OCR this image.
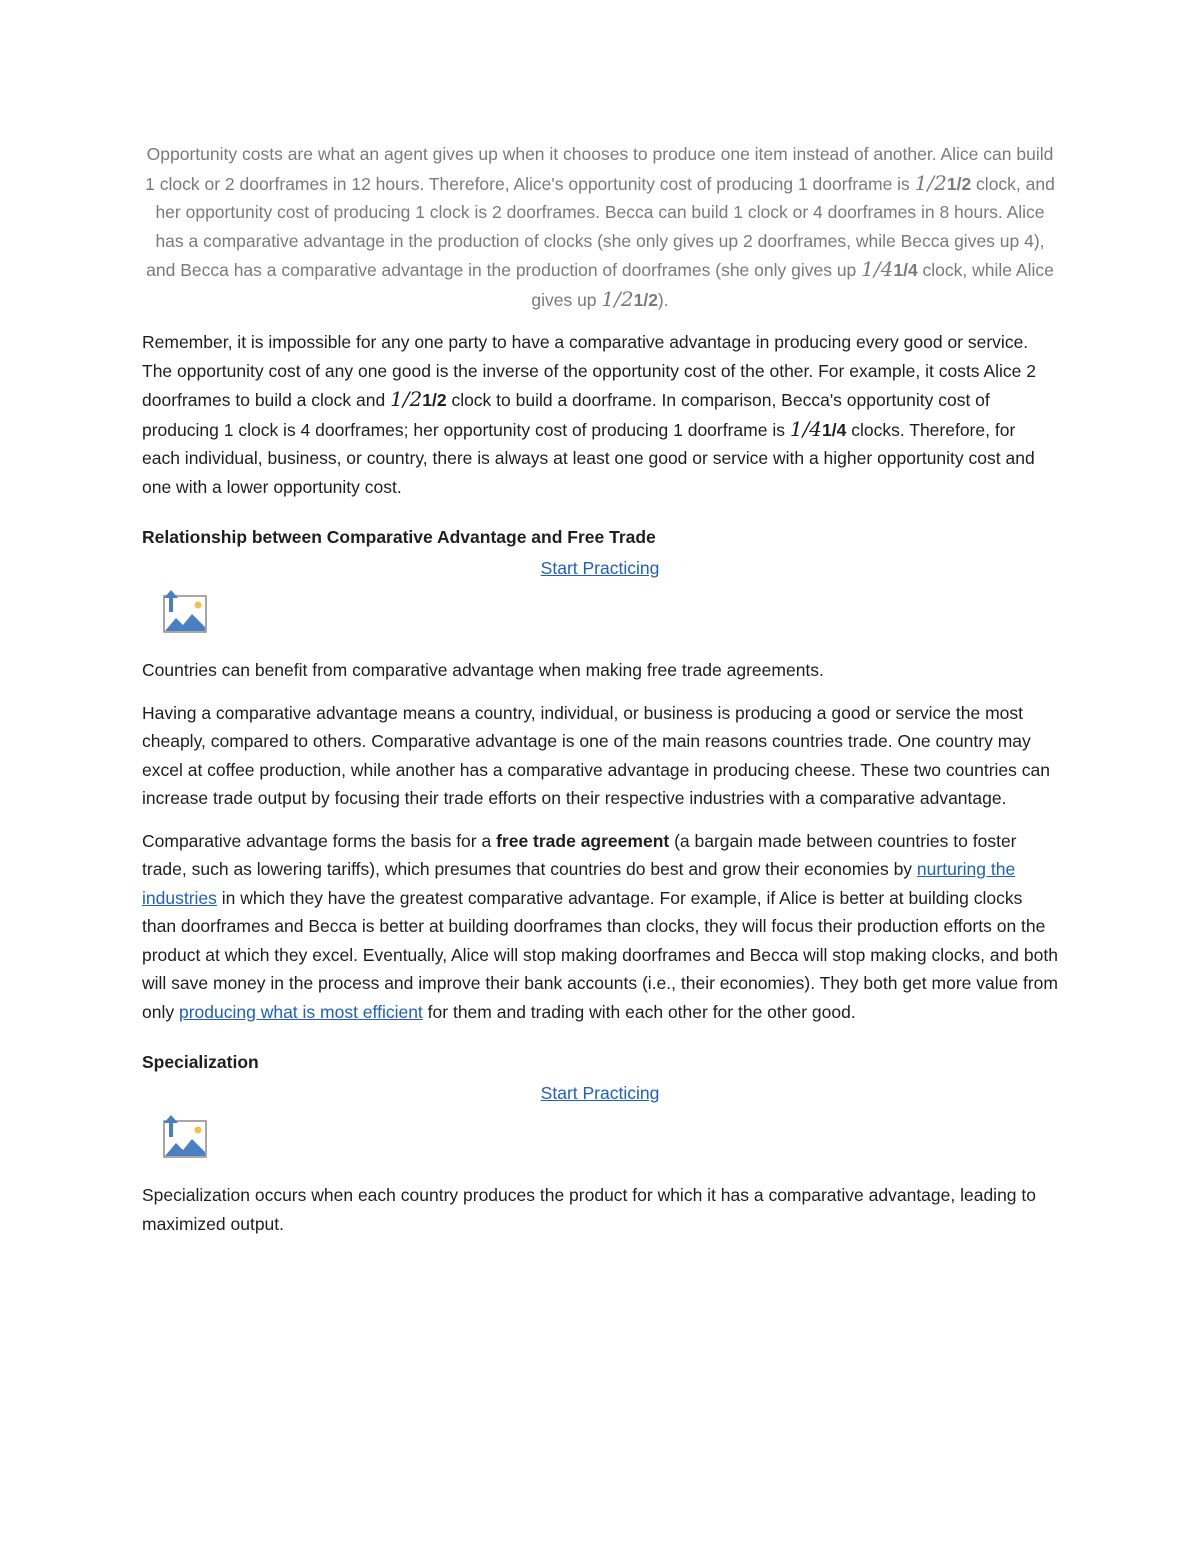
Opportunity costs are what an agent gives up when it chooses to produce one item instead of another. Alice can build 1 clock or 2 doorframes in 12 hours. Therefore, Alice's opportunity cost of producing 1 doorframe is 1/21/2 clock, and her opportunity cost of producing 1 clock is 2 doorframes. Becca can build 1 clock or 4 doorframes in 8 hours. Alice has a comparative advantage in the production of clocks (she only gives up 2 doorframes, while Becca gives up 4), and Becca has a comparative advantage in the production of doorframes (she only gives up 1/41/4 clock, while Alice gives up 1/21/2).

Remember, it is impossible for any one party to have a comparative advantage in producing every good or service. The opportunity cost of any one good is the inverse of the opportunity cost of the other. For example, it costs Alice 2 doorframes to build a clock and 1/21/2 clock to build a doorframe. In comparison, Becca's opportunity cost of producing 1 clock is 4 doorframes; her opportunity cost of producing 1 doorframe is 1/41/4 clocks. Therefore, for each individual, business, or country, there is always at least one good or service with a higher opportunity cost and one with a lower opportunity cost.

Relationship between Comparative Advantage and Free Trade

Start Practicing

Countries can benefit from comparative advantage when making free trade agreements.

Having a comparative advantage means a country, individual, or business is producing a good or service the most cheaply, compared to others. Comparative advantage is one of the main reasons countries trade. One country may excel at coffee production, while another has a comparative advantage in producing cheese. These two countries can increase trade output by focusing their trade efforts on their respective industries with a comparative advantage.

Comparative advantage forms the basis for a free trade agreement (a bargain made between countries to foster trade, such as lowering tariffs), which presumes that countries do best and grow their economies by nurturing the industries in which they have the greatest comparative advantage. For example, if Alice is better at building clocks than doorframes and Becca is better at building doorframes than clocks, they will focus their production efforts on the product at which they excel. Eventually, Alice will stop making doorframes and Becca will stop making clocks, and both will save money in the process and improve their bank accounts (i.e., their economies). They both get more value from only producing what is most efficient for them and trading with each other for the other good.

Specialization

Start Practicing

Specialization occurs when each country produces the product for which it has a comparative advantage, leading to maximized output.
